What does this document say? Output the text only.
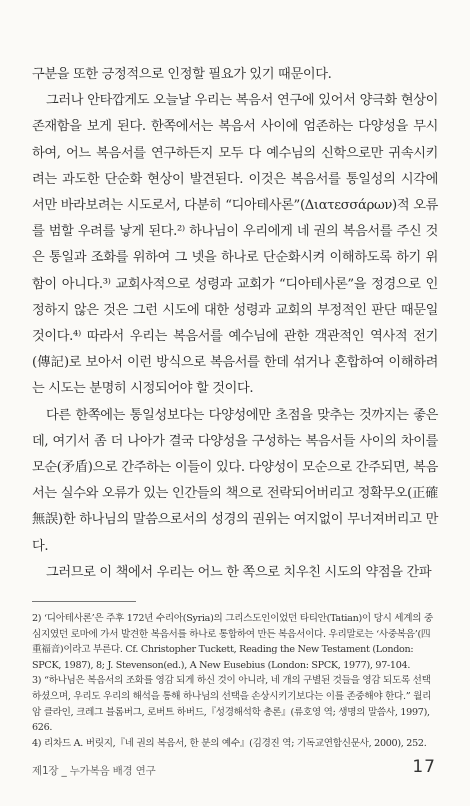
구분을 또한 긍정적으로 인정할 필요가 있기 때문이다.

그러나 안타깝게도 오늘날 우리는 복음서 연구에 있어서 양극화 현상이 존재함을 보게 된다. 한쪽에서는 복음서 사이에 엄존하는 다양성을 무시하여, 어느 복음서를 연구하든지 모두 다 예수님의 신학으로만 귀속시키려는 과도한 단순화 현상이 발견된다. 이것은 복음서를 통일성의 시각에서만 바라보려는 시도로서, 다분히 “디아테사론”(Διατεσσάρων)적 오류를 범할 우려를 낳게 된다.²⁾ 하나님이 우리에게 네 권의 복음서를 주신 것은 통일과 조화를 위하여 그 넷을 하나로 단순화시켜 이해하도록 하기 위함이 아니다.³⁾ 교회사적으로 성령과 교회가 “디아테사론”을 정경으로 인정하지 않은 것은 그런 시도에 대한 성령과 교회의 부정적인 판단 때문일 것이다.⁴⁾ 따라서 우리는 복음서를 예수님에 관한 객관적인 역사적 전기(傳記)로 보아서 이런 방식으로 복음서를 한데 섞거나 혼합하여 이해하려는 시도는 분명히 시정되어야 할 것이다.

다른 한쪽에는 통일성보다는 다양성에만 초점을 맞추는 것까지는 좋은데, 여기서 좀 더 나아가 결국 다양성을 구성하는 복음서들 사이의 차이를 모순(矛盾)으로 간주하는 이들이 있다. 다양성이 모순으로 간주되면, 복음서는 실수와 오류가 있는 인간들의 책으로 전락되어버리고 정확무오(正確無誤)한 하나님의 말씀으로서의 성경의 권위는 여지없이 무너져버리고 만다.

그러므로 이 책에서 우리는 어느 한 쪽으로 치우친 시도의 약점을 간파

2) ‘디아테사론’은 주후 172년 수리아(Syria)의 그리스도인이었던 타티안(Tatian)이 당시 세계의 중심지였던 로마에 가서 발견한 복음서를 하나로 통합하여 만든 복음서이다. 우리말로는 ‘사중복음’(四重福音)이라고 부른다. Cf. Christopher Tuckett, Reading the New Testament (London: SPCK, 1987), 8; J. Stevenson(ed.), A New Eusebius (London: SPCK, 1977), 97-104.

3) “하나님은 복음서의 조화를 영감 되게 하신 것이 아니라, 네 개의 구별된 것들을 영감 되도록 선택하셨으며, 우리도 우리의 해석을 통해 하나님의 선택을 손상시키기보다는 이를 존중해야 한다.” 월리암 클라인, 크레그 블롬버그, 로버트 하버드,『성경해석학 총론』(류호영 역; 생명의 말씀사, 1997), 626.

4) 리차드 A. 버릿지,『네 권의 복음서, 한 분의 예수』(김경진 역; 기독교연합신문사, 2000), 252.

제1장 _ 누가복음 배경 연구	17
